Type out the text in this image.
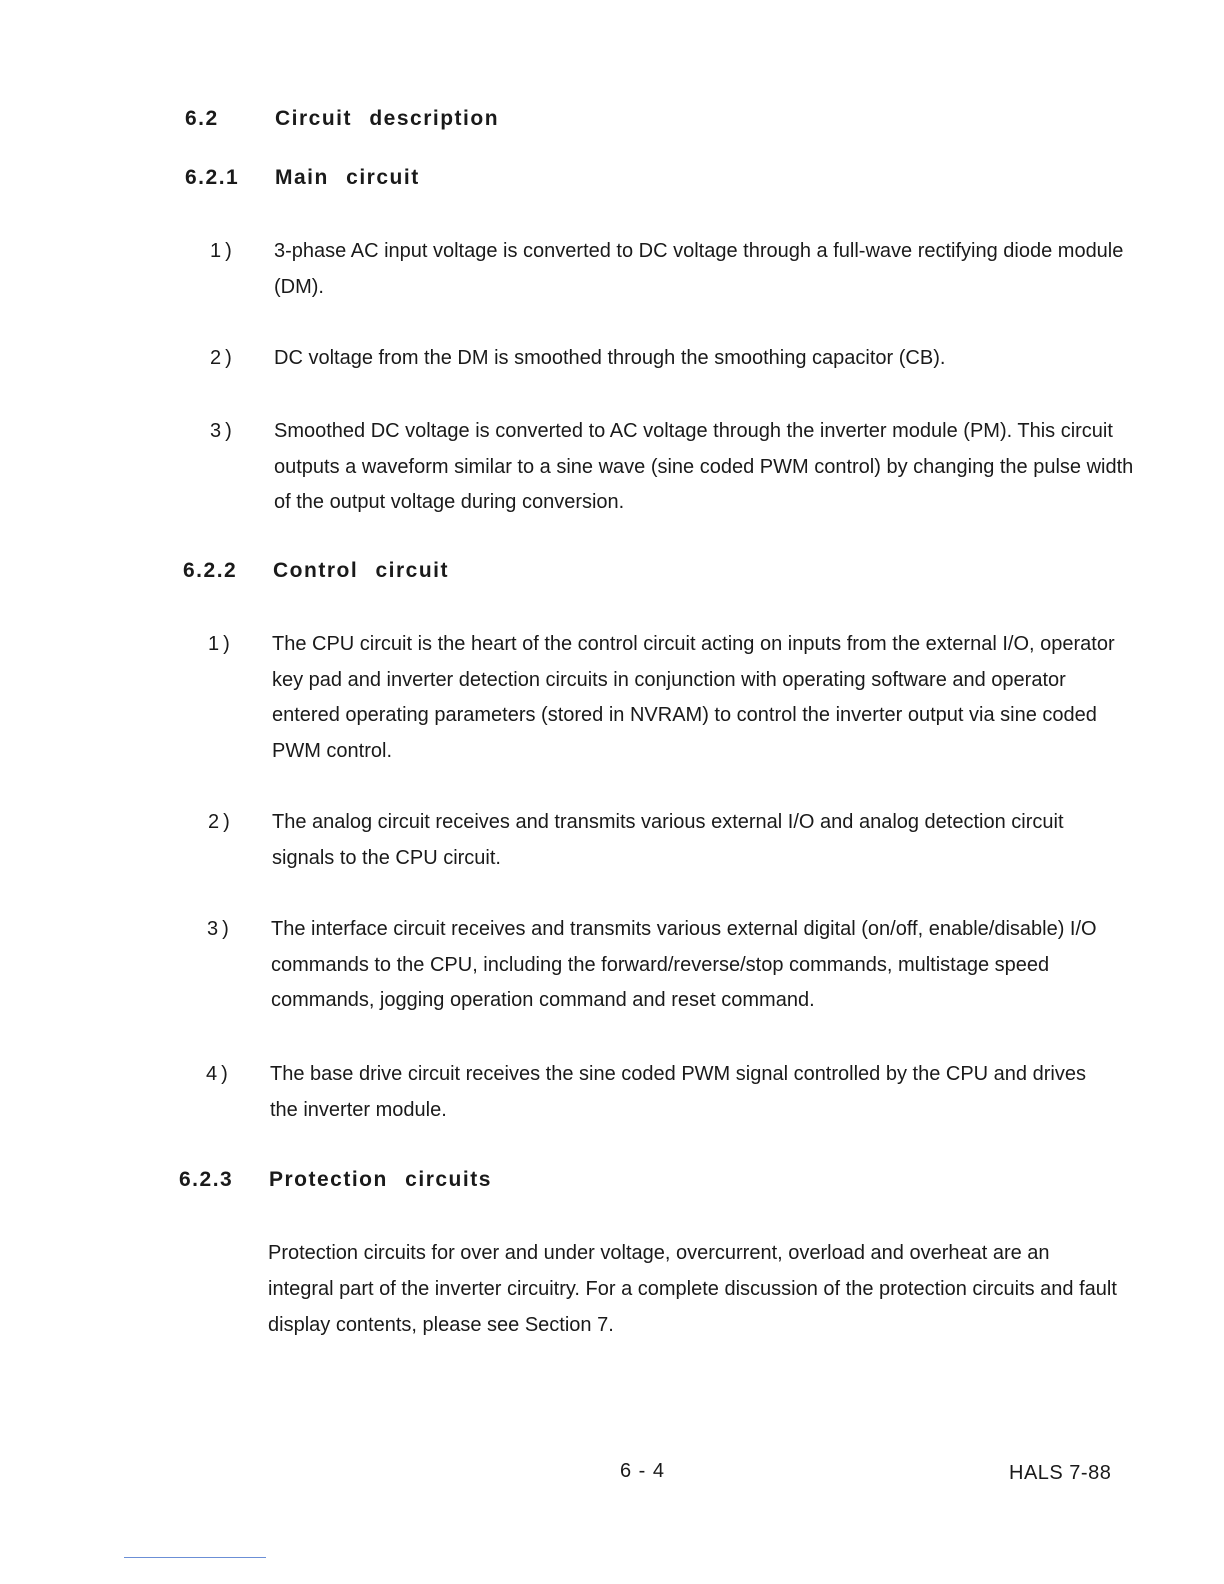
6.2	Circuit description
6.2.1 Main circuit
1) 3-phase AC input voltage is converted to DC voltage through a full-wave rectifying diode module (DM).
2) DC voltage from the DM is smoothed through the smoothing capacitor (CB).
3) Smoothed DC voltage is converted to AC voltage through the inverter module (PM). This circuit outputs a waveform similar to a sine wave (sine coded PWM control) by changing the pulse width of the output voltage during conversion.
6.2.2 Control circuit
1) The CPU circuit is the heart of the control circuit acting on inputs from the external I/O, operator key pad and inverter detection circuits in conjunction with operating software and operator entered operating parameters (stored in NVRAM) to control the inverter output via sine coded PWM control.
2) The analog circuit receives and transmits various external I/O and analog detection circuit signals to the CPU circuit.
3) The interface circuit receives and transmits various external digital (on/off, enable/disable) I/O commands to the CPU, including the forward/reverse/stop commands, multistage speed commands, jogging operation command and reset command.
4) The base drive circuit receives the sine coded PWM signal controlled by the CPU and drives the inverter module.
6.2.3 Protection circuits
Protection circuits for over and under voltage, overcurrent, overload and overheat are an integral part of the inverter circuitry. For a complete discussion of the protection circuits and fault display contents, please see Section 7.
6 - 4	HALS 7-88
